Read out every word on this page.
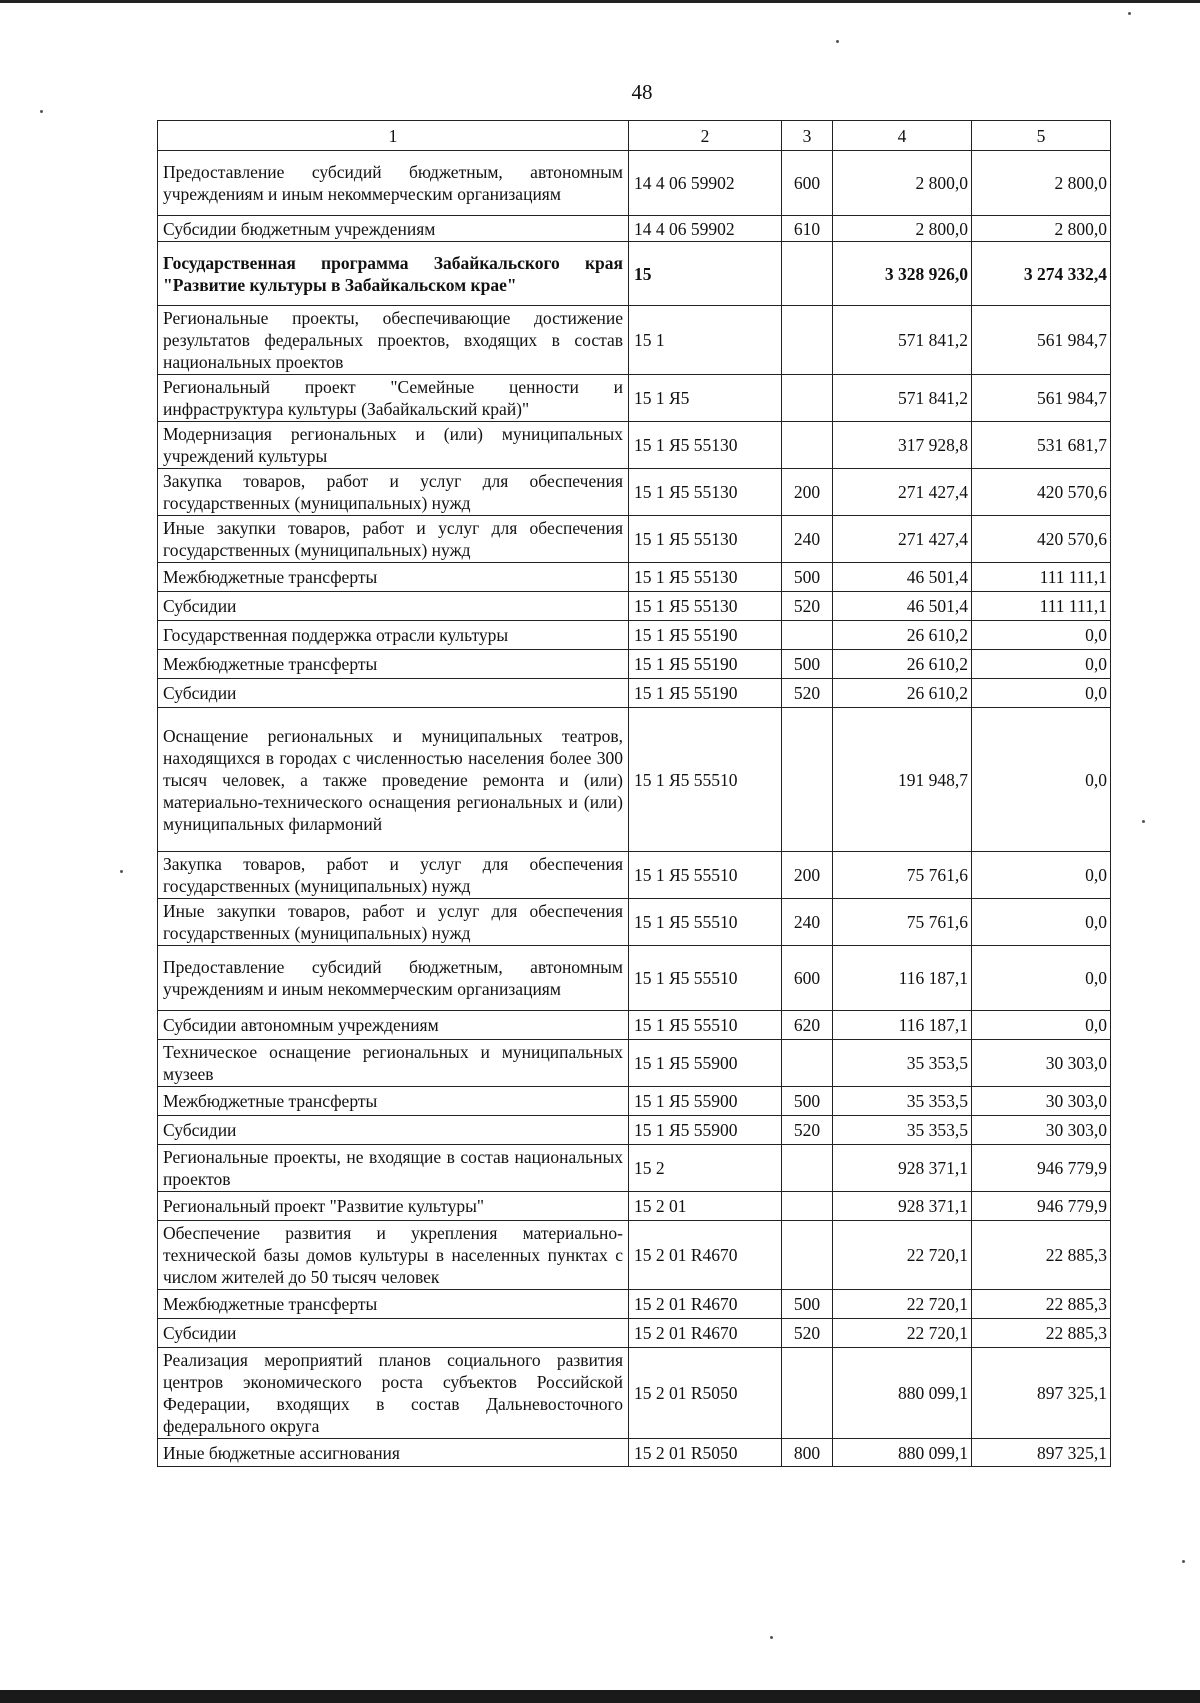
48
1	2	3	4	5
Предоставление субсидий бюджетным, автономным учреждениям и иным некоммерческим организациям	14 4 06 59902	600	2 800,0	2 800,0
Субсидии бюджетным учреждениям	14 4 06 59902	610	2 800,0	2 800,0
Государственная программа Забайкальского края "Развитие культуры в Забайкальском крае"	15		3 328 926,0	3 274 332,4
Региональные проекты, обеспечивающие достижение результатов федеральных проектов, входящих в состав национальных проектов	15 1		571 841,2	561 984,7
Региональный проект "Семейные ценности и инфраструктура культуры (Забайкальский край)"	15 1 Я5		571 841,2	561 984,7
Модернизация региональных и (или) муниципальных учреждений культуры	15 1 Я5 55130		317 928,8	531 681,7
Закупка товаров, работ и услуг для обеспечения государственных (муниципальных) нужд	15 1 Я5 55130	200	271 427,4	420 570,6
Иные закупки товаров, работ и услуг для обеспечения государственных (муниципальных) нужд	15 1 Я5 55130	240	271 427,4	420 570,6
Межбюджетные трансферты	15 1 Я5 55130	500	46 501,4	111 111,1
Субсидии	15 1 Я5 55130	520	46 501,4	111 111,1
Государственная поддержка отрасли культуры	15 1 Я5 55190		26 610,2	0,0
Межбюджетные трансферты	15 1 Я5 55190	500	26 610,2	0,0
Субсидии	15 1 Я5 55190	520	26 610,2	0,0
Оснащение региональных и муниципальных театров, находящихся в городах с численностью населения более 300 тысяч человек, а также проведение ремонта и (или) материально-технического оснащения региональных и (или) муниципальных филармоний	15 1 Я5 55510		191 948,7	0,0
Закупка товаров, работ и услуг для обеспечения государственных (муниципальных) нужд	15 1 Я5 55510	200	75 761,6	0,0
Иные закупки товаров, работ и услуг для обеспечения государственных (муниципальных) нужд	15 1 Я5 55510	240	75 761,6	0,0
Предоставление субсидий бюджетным, автономным учреждениям и иным некоммерческим организациям	15 1 Я5 55510	600	116 187,1	0,0
Субсидии автономным учреждениям	15 1 Я5 55510	620	116 187,1	0,0
Техническое оснащение региональных и муниципальных музеев	15 1 Я5 55900		35 353,5	30 303,0
Межбюджетные трансферты	15 1 Я5 55900	500	35 353,5	30 303,0
Субсидии	15 1 Я5 55900	520	35 353,5	30 303,0
Региональные проекты, не входящие в состав национальных проектов	15 2		928 371,1	946 779,9
Региональный проект "Развитие культуры"	15 2 01		928 371,1	946 779,9
Обеспечение развития и укрепления материально-технической базы домов культуры в населенных пунктах с числом жителей до 50 тысяч человек	15 2 01 R4670		22 720,1	22 885,3
Межбюджетные трансферты	15 2 01 R4670	500	22 720,1	22 885,3
Субсидии	15 2 01 R4670	520	22 720,1	22 885,3
Реализация мероприятий планов социального развития центров экономического роста субъектов Российской Федерации, входящих в состав Дальневосточного федерального округа	15 2 01 R5050		880 099,1	897 325,1
Иные бюджетные ассигнования	15 2 01 R5050	800	880 099,1	897 325,1
